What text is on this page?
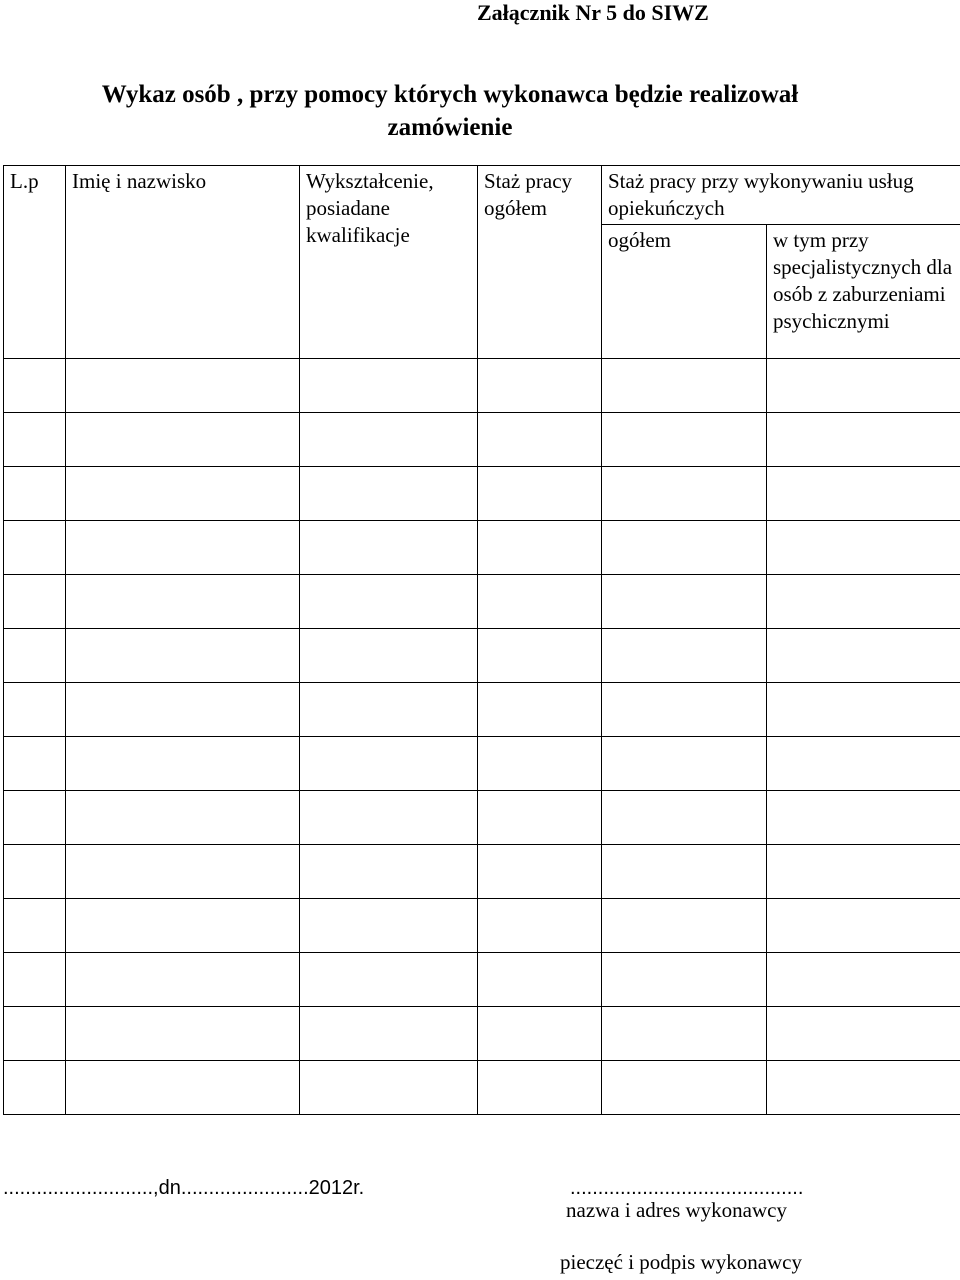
Załącznik Nr 5 do SIWZ
Wykaz osób , przy pomocy których wykonawca będzie realizował
zamówienie
L.p	Imię i nazwisko	Wykształcenie, posiadane kwalifikacje	Staż pracy ogółem	Staż pracy przy wykonywaniu usług opiekuńczych	
				ogółem	w tym przy specjalistycznych dla osób z zaburzeniami psychicznymi

...........................,dn.......................2012r.	..........................................
nazwa i adres wykonawcy
pieczęć i podpis wykonawcy
